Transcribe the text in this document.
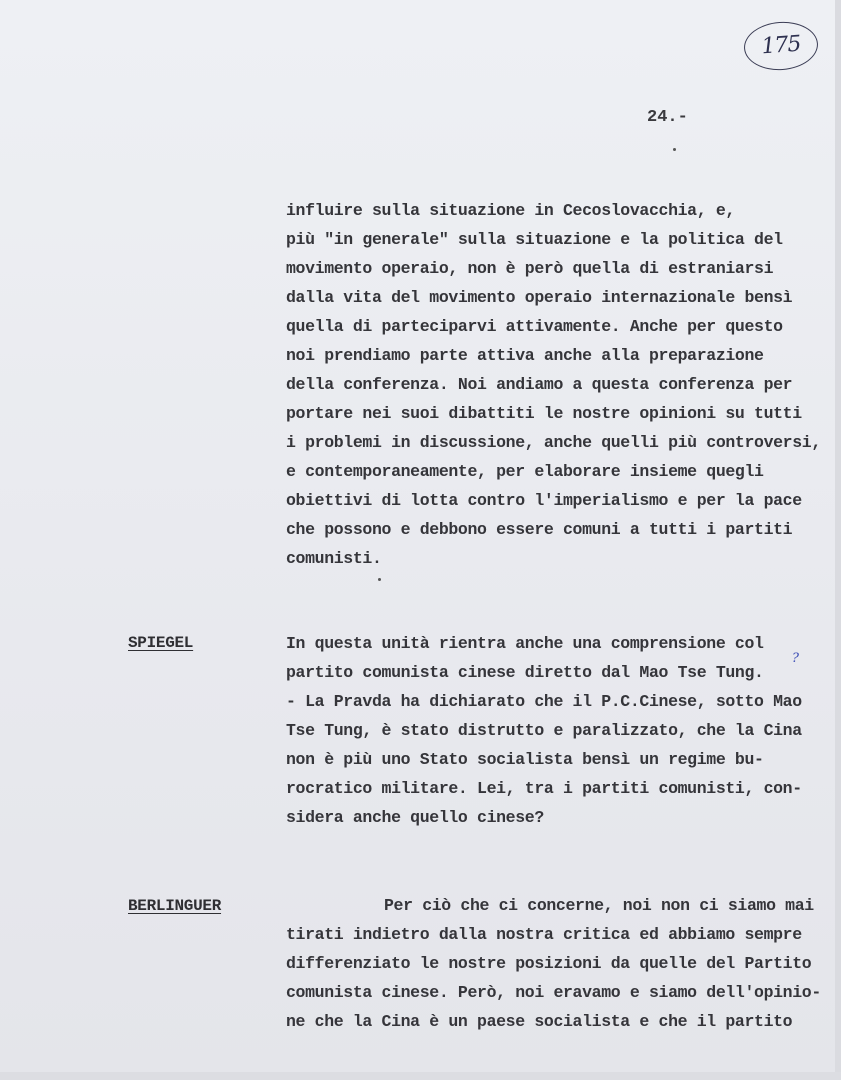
175
24.-
influire sulla situazione in Cecoslovacchia, e,
più "in generale" sulla situazione e la politica del
movimento operaio, non è però quella di estraniarsi
dalla vita del movimento operaio internazionale bensì
quella di parteciparvi attivamente. Anche per questo
noi prendiamo parte attiva anche alla preparazione
della conferenza. Noi andiamo a questa conferenza per
portare nei suoi dibattiti le nostre opinioni su tutti
i problemi in discussione, anche quelli più controversi,
e contemporaneamente, per elaborare insieme quegli
obiettivi di lotta contro l'imperialismo e per la pace
che possono e debbono essere comuni a tutti i partiti
comunisti.
SPIEGEL	In questa unità rientra anche una comprensione col
partito comunista cinese diretto dal Mao Tse Tung.
- La Pravda ha dichiarato che il P.C.Cinese, sotto Mao
Tse Tung, è stato distrutto e paralizzato, che la Cina
non è più uno Stato socialista bensì un regime bu-
rocratico militare. Lei, tra i partiti comunisti, con-
sidera anche quello cinese?
?
BERLINGUER	Per ciò che ci concerne, noi non ci siamo mai
tirati indietro dalla nostra critica ed abbiamo sempre
differenziato le nostre posizioni da quelle del Partito
comunista cinese. Però, noi eravamo e siamo dell'opinio-
ne che la Cina è un paese socialista e che il partito
